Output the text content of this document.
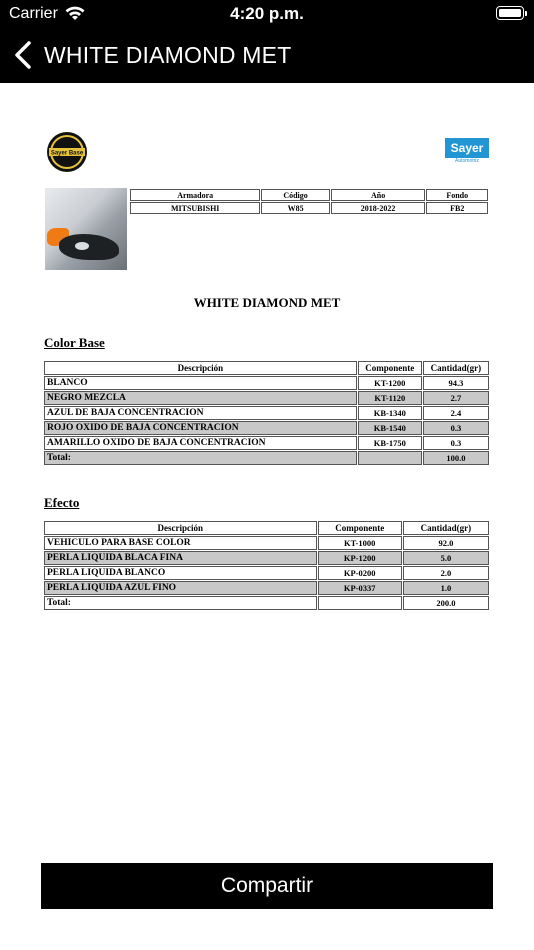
Carrier	4:20 p.m.
WHITE DIAMOND MET
Sayer Base	Sayer
Automotriz
Armadora	Código	Año	Fondo
MITSUBISHI	W85	2018-2022	FB2
WHITE DIAMOND MET
Color Base
Descripción	Componente	Cantidad(gr)
BLANCO	KT-1200	94.3
NEGRO MEZCLA	KT-1120	2.7
AZUL DE BAJA CONCENTRACION	KB-1340	2.4
ROJO OXIDO DE BAJA CONCENTRACION	KB-1540	0.3
AMARILLO OXIDO DE BAJA CONCENTRACION	KB-1750	0.3
Total:		100.0
Efecto
Descripción	Componente	Cantidad(gr)
VEHICULO PARA BASE COLOR	KT-1000	92.0
PERLA LIQUIDA BLACA FINA	KP-1200	5.0
PERLA LIQUIDA BLANCO	KP-0200	2.0
PERLA LIQUIDA AZUL FINO	KP-0337	1.0
Total:		200.0
Compartir
